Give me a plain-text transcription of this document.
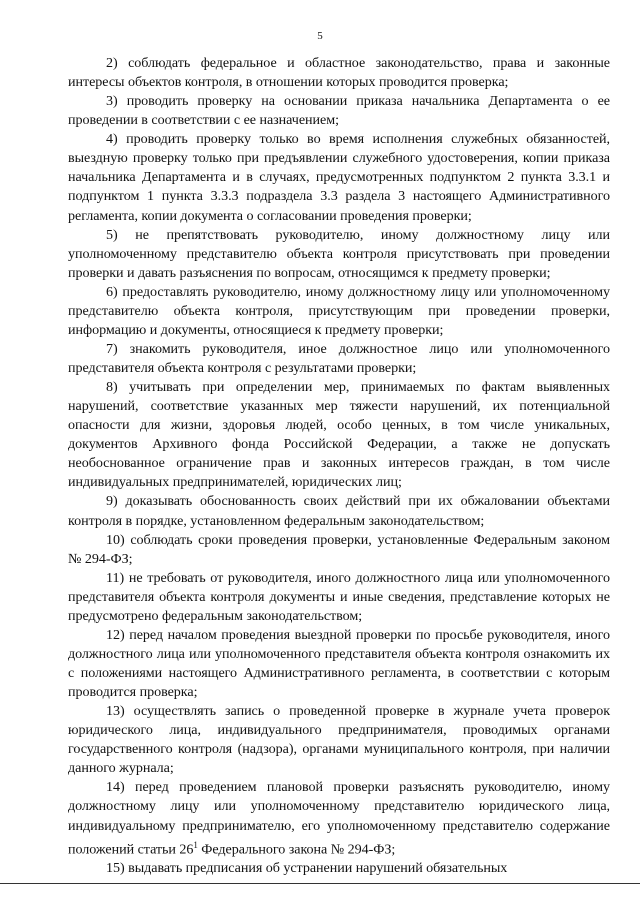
5

2) соблюдать федеральное и областное законодательство, права и законные интересы объектов контроля, в отношении которых проводится проверка;

3) проводить проверку на основании приказа начальника Департамента о ее проведении в соответствии с ее назначением;

4) проводить проверку только во время исполнения служебных обязанностей, выездную проверку только при предъявлении служебного удостоверения, копии приказа начальника Департамента и в случаях, предусмотренных подпунктом 2 пункта 3.3.1 и подпунктом 1 пункта 3.3.3 подраздела 3.3 раздела 3 настоящего Административного регламента, копии документа о согласовании проведения проверки;

5) не препятствовать руководителю, иному должностному лицу или уполномоченному представителю объекта контроля присутствовать при проведении проверки и давать разъяснения по вопросам, относящимся к предмету проверки;

6) предоставлять руководителю, иному должностному лицу или уполномоченному представителю объекта контроля, присутствующим при проведении проверки, информацию и документы, относящиеся к предмету проверки;

7) знакомить руководителя, иное должностное лицо или уполномоченного представителя объекта контроля с результатами проверки;

8) учитывать при определении мер, принимаемых по фактам выявленных нарушений, соответствие указанных мер тяжести нарушений, их потенциальной опасности для жизни, здоровья людей, особо ценных, в том числе уникальных, документов Архивного фонда Российской Федерации, а также не допускать необоснованное ограничение прав и законных интересов граждан, в том числе индивидуальных предпринимателей, юридических лиц;

9) доказывать обоснованность своих действий при их обжаловании объектами контроля в порядке, установленном федеральным законодательством;

10) соблюдать сроки проведения проверки, установленные Федеральным законом № 294-ФЗ;

11) не требовать от руководителя, иного должностного лица или уполномоченного представителя объекта контроля документы и иные сведения, представление которых не предусмотрено федеральным законодательством;

12) перед началом проведения выездной проверки по просьбе руководителя, иного должностного лица или уполномоченного представителя объекта контроля ознакомить их с положениями настоящего Административного регламента, в соответствии с которым проводится проверка;

13) осуществлять запись о проведенной проверке в журнале учета проверок юридического лица, индивидуального предпринимателя, проводимых органами государственного контроля (надзора), органами муниципального контроля, при наличии данного журнала;

14) перед проведением плановой проверки разъяснять руководителю, иному должностному лицу или уполномоченному представителю юридического лица, индивидуальному предпринимателю, его уполномоченному представителю содержание положений статьи $26^1$ Федерального закона № 294-ФЗ;

15) выдавать предписания об устранении нарушений обязательных
